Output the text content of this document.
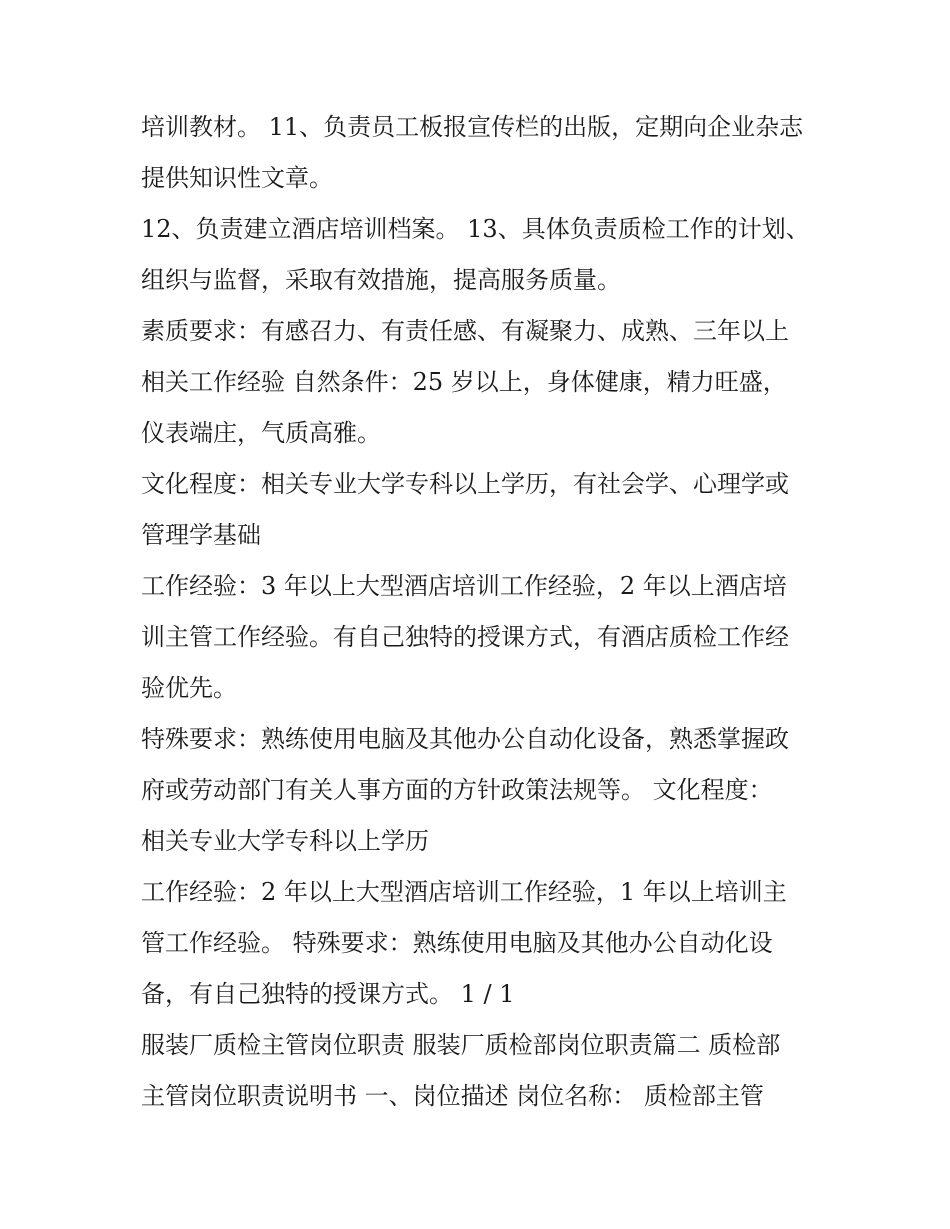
培训教材。 11、负责员工板报宣传栏的出版，定期向企业杂志
提供知识性文章。
12、负责建立酒店培训档案。 13、具体负责质检工作的计划、
组织与监督，采取有效措施，提高服务质量。
素质要求：有感召力、有责任感、有凝聚力、成熟、三年以上
相关工作经验 自然条件：25 岁以上，身体健康，精力旺盛，
仪表端庄，气质高雅。
文化程度：相关专业大学专科以上学历，有社会学、心理学或
管理学基础
工作经验：3 年以上大型酒店培训工作经验，2 年以上酒店培
训主管工作经验。有自己独特的授课方式，有酒店质检工作经
验优先。
特殊要求：熟练使用电脑及其他办公自动化设备，熟悉掌握政
府或劳动部门有关人事方面的方针政策法规等。 文化程度：
相关专业大学专科以上学历
工作经验：2 年以上大型酒店培训工作经验，1 年以上培训主
管工作经验。 特殊要求：熟练使用电脑及其他办公自动化设
备，有自己独特的授课方式。 1 / 1
服装厂质检主管岗位职责 服装厂质检部岗位职责篇二 质检部
主管岗位职责说明书 一、岗位描述 岗位名称： 质检部主管
